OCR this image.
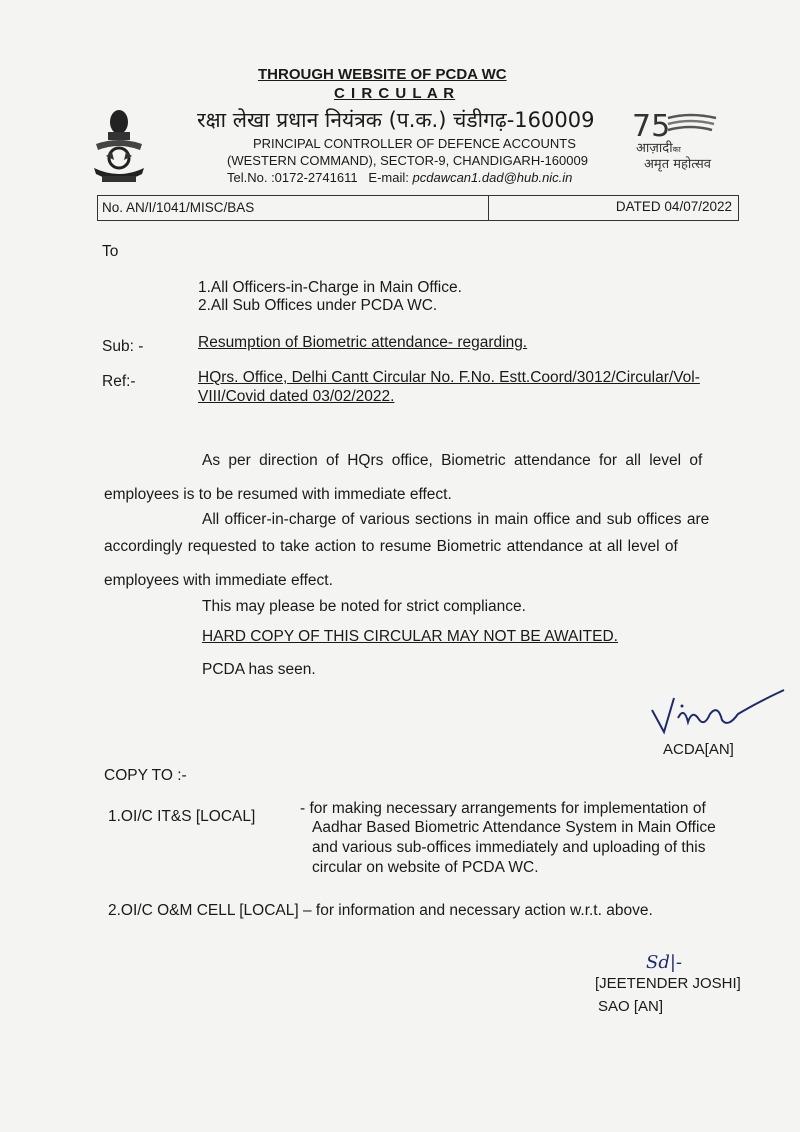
THROUGH WEBSITE OF PCDA WC
C I R C U L A R
रक्षा लेखा प्रधान नियंत्रक (प.क.) चंडीगढ़-160009
PRINCIPAL CONTROLLER OF DEFENCE ACCOUNTS
(WESTERN COMMAND), SECTOR-9, CHANDIGARH-160009
Tel.No. :0172-2741611 E-mail: pcdawcan1.dad@hub.nic.in
75
आज़ादीका
अमृत महोत्सव
No. AN/I/1041/MISC/BAS	DATED 04/07/2022
To
1.All Officers-in-Charge in Main Office.
2.All Sub Offices under PCDA WC.
Sub: -	Resumption of Biometric attendance- regarding.
Ref:-	HQrs. Office, Delhi Cantt Circular No. F.No. Estt.Coord/3012/Circular/Vol-
VIII/Covid dated 03/02/2022.
As per direction of HQrs office, Biometric attendance for all level of
employees is to be resumed with immediate effect.
All officer-in-charge of various sections in main office and sub offices are
accordingly requested to take action to resume Biometric attendance at all level of
employees with immediate effect.
This may please be noted for strict compliance.
HARD COPY OF THIS CIRCULAR MAY NOT BE AWAITED.
PCDA has seen.
ACDA[AN]
COPY TO :-
1.OI/C IT&S [LOCAL]	- for making necessary arrangements for implementation of
Aadhar Based Biometric Attendance System in Main Office
and various sub-offices immediately and uploading of this
circular on website of PCDA WC.
2.OI/C O&M CELL [LOCAL] – for information and necessary action w.r.t. above.
Sd|-
[JEETENDER JOSHI]
SAO [AN]
